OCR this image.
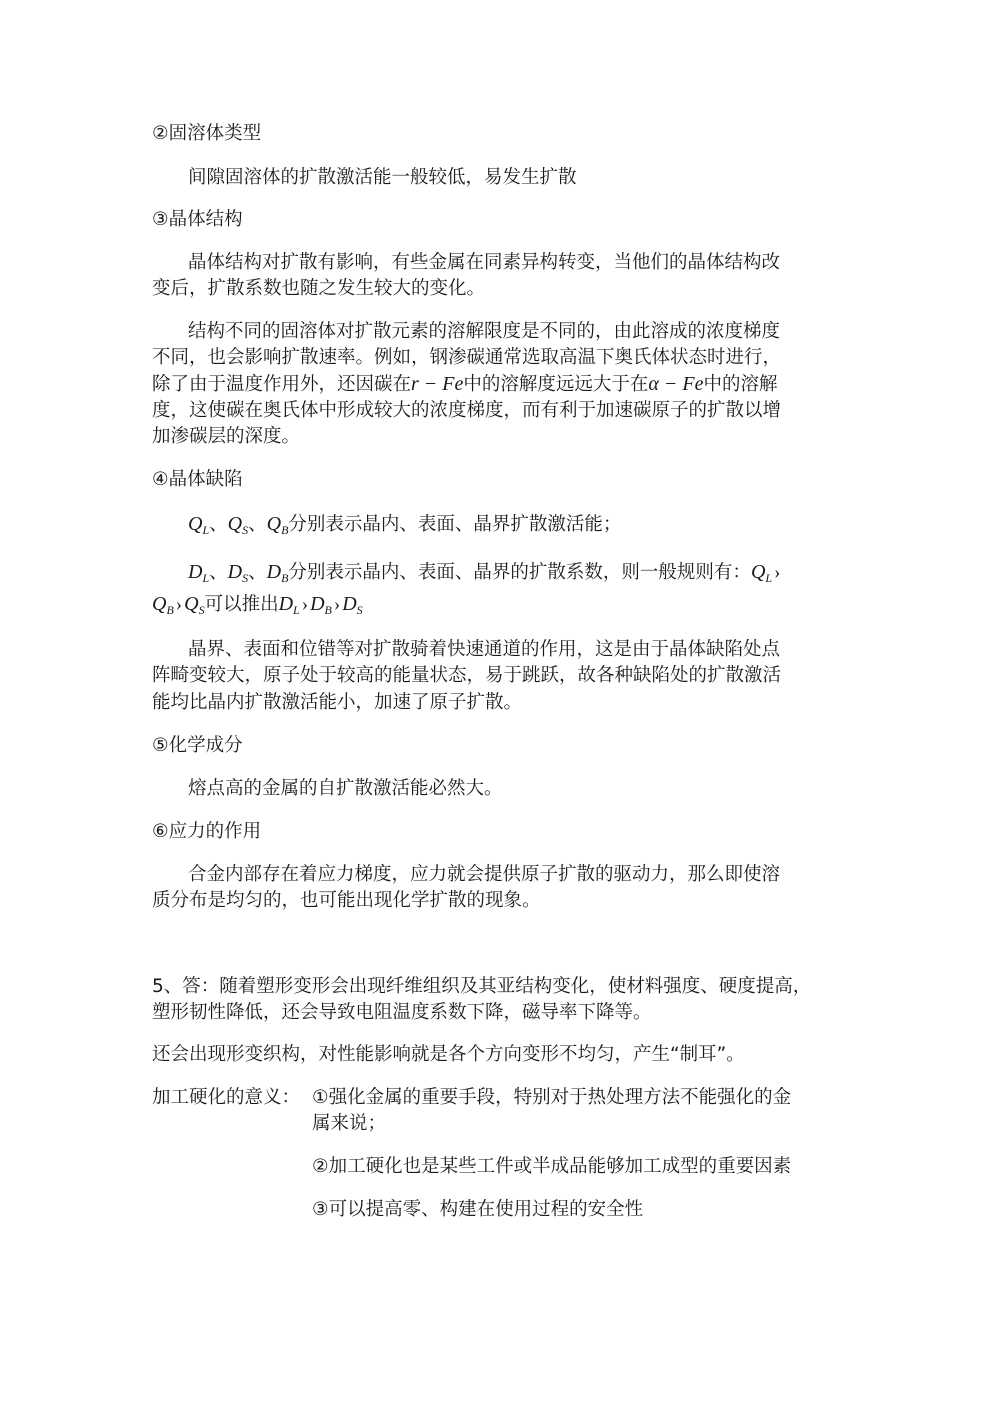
②固溶体类型
间隙固溶体的扩散激活能一般较低，易发生扩散
③晶体结构
晶体结构对扩散有影响，有些金属在同素异构转变，当他们的晶体结构改
变后，扩散系数也随之发生较大的变化。
结构不同的固溶体对扩散元素的溶解限度是不同的，由此溶成的浓度梯度
不同，也会影响扩散速率。例如，钢渗碳通常选取高温下奥氏体状态时进行，
除了由于温度作用外，还因碳在r − Fe中的溶解度远远大于在α − Fe中的溶解
度，这使碳在奥氏体中形成较大的浓度梯度，而有利于加速碳原子的扩散以增
加渗碳层的深度。
④晶体缺陷
$Q_L$、$Q_S$、$Q_B$分别表示晶内、表面、晶界扩散激活能；
$D_L$、$D_S$、$D_B$分别表示晶内、表面、晶界的扩散系数，则一般规则有：$Q_L$ ›
$Q_B$ › $Q_S$可以推出$D_L$ › $D_B$ › $D_S$
晶界、表面和位错等对扩散骑着快速通道的作用，这是由于晶体缺陷处点
阵畸变较大，原子处于较高的能量状态，易于跳跃，故各种缺陷处的扩散激活
能均比晶内扩散激活能小，加速了原子扩散。
⑤化学成分
熔点高的金属的自扩散激活能必然大。
⑥应力的作用
合金内部存在着应力梯度，应力就会提供原子扩散的驱动力，那么即使溶
质分布是均匀的，也可能出现化学扩散的现象。
5、答：随着塑形变形会出现纤维组织及其亚结构变化，使材料强度、硬度提高，
塑形韧性降低，还会导致电阻温度系数下降，磁导率下降等。
还会出现形变织构，对性能影响就是各个方向变形不均匀，产生“制耳”。
加工硬化的意义： ①强化金属的重要手段，特别对于热处理方法不能强化的金
属来说；
②加工硬化也是某些工件或半成品能够加工成型的重要因素
③可以提高零、构建在使用过程的安全性
